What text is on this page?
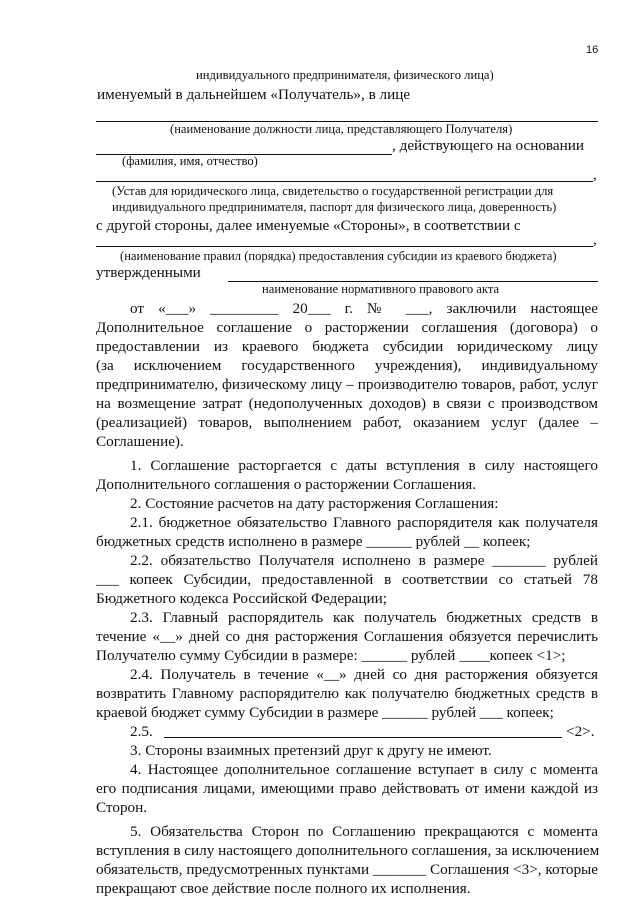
16
индивидуального предпринимателя, физического лица)
именуемый в дальнейшем «Получатель», в лице
(наименование должности лица, представляющего Получателя)
, действующего на основании
(фамилия, имя, отчество)
,
(Устав для юридического лица, свидетельство о государственной регистрации для
индивидуального предпринимателя, паспорт для физического лица, доверенность)
с другой стороны, далее именуемые «Стороны», в соответствии с
,
(наименование правил (порядка) предоставления субсидии из краевого бюджета)
утвержденными
наименование нормативного правового акта
от «___» _________ 20___ г. № ___, заключили настоящее
Дополнительное соглашение о расторжении соглашения (договора) о
предоставлении из краевого бюджета субсидии юридическому лицу
(за исключением государственного учреждения), индивидуальному
предпринимателю, физическому лицу – производителю товаров, работ, услуг
на возмещение затрат (недополученных доходов) в связи с производством
(реализацией) товаров, выполнением работ, оказанием услуг (далее –
Соглашение).
1. Соглашение расторгается с даты вступления в силу настоящего
Дополнительного соглашения о расторжении Соглашения.
2. Состояние расчетов на дату расторжения Соглашения:
2.1. бюджетное обязательство Главного распорядителя как получателя
бюджетных средств исполнено в размере ______ рублей __ копеек;
2.2. обязательство Получателя исполнено в размере _______ рублей
___ копеек Субсидии, предоставленной в соответствии со статьей 78
Бюджетного кодекса Российской Федерации;
2.3. Главный распорядитель как получатель бюджетных средств в
течение «__» дней со дня расторжения Соглашения обязуется перечислить
Получателю сумму Субсидии в размере: ______ рублей ____копеек <1>;
2.4. Получатель в течение «__» дней со дня расторжения обязуется
возвратить Главному распорядителю как получателю бюджетных средств в
краевой бюджет сумму Субсидии в размере ______ рублей ___ копеек;
2.5.	<2>.
3. Стороны взаимных претензий друг к другу не имеют.
4. Настоящее дополнительное соглашение вступает в силу с момента
его подписания лицами, имеющими право действовать от имени каждой из
Сторон.
5. Обязательства Сторон по Соглашению прекращаются с момента
вступления в силу настоящего дополнительного соглашения, за исключением
обязательств, предусмотренных пунктами _______ Соглашения <3>, которые
прекращают свое действие после полного их исполнения.
